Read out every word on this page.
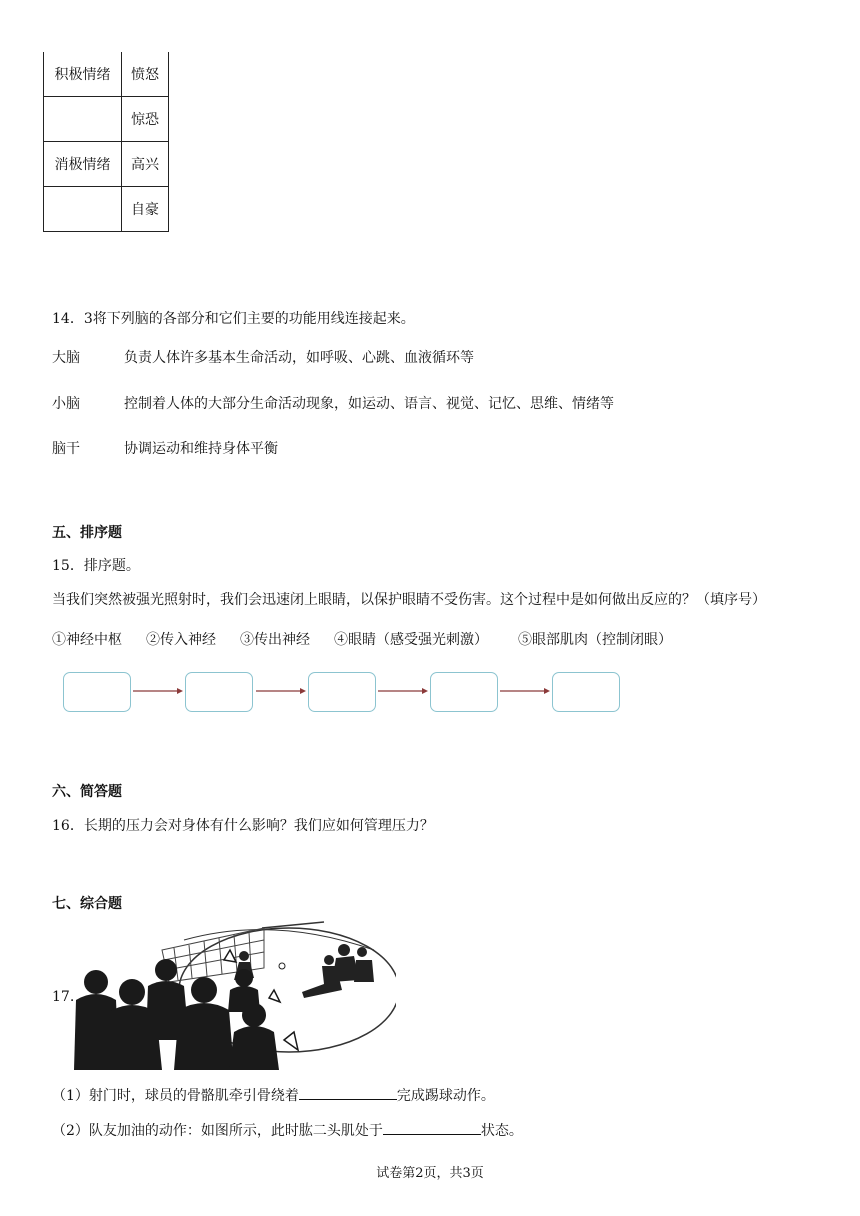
积极情绪	愤怒
	惊恐
消极情绪	高兴
	自豪
14．3将下列脑的各部分和它们主要的功能用线连接起来。
大脑	负责人体许多基本生命活动，如呼吸、心跳、血液循环等
小脑	控制着人体的大部分生命活动现象，如运动、语言、视觉、记忆、思维、情绪等
脑干	协调运动和维持身体平衡
五、排序题
15．排序题。
当我们突然被强光照射时，我们会迅速闭上眼睛，以保护眼睛不受伤害。这个过程中是如何做出反应的？（填序号）
①神经中枢 ②传入神经 ③传出神经 ④眼睛（感受强光刺激） ⑤眼部肌肉（控制闭眼）
六、简答题
16．长期的压力会对身体有什么影响？我们应如何管理压力？
七、综合题
17.
（1）射门时，球员的骨骼肌牵引骨绕着	完成踢球动作。
（2）队友加油的动作：如图所示，此时肱二头肌处于	状态。
试卷第2页，共3页
